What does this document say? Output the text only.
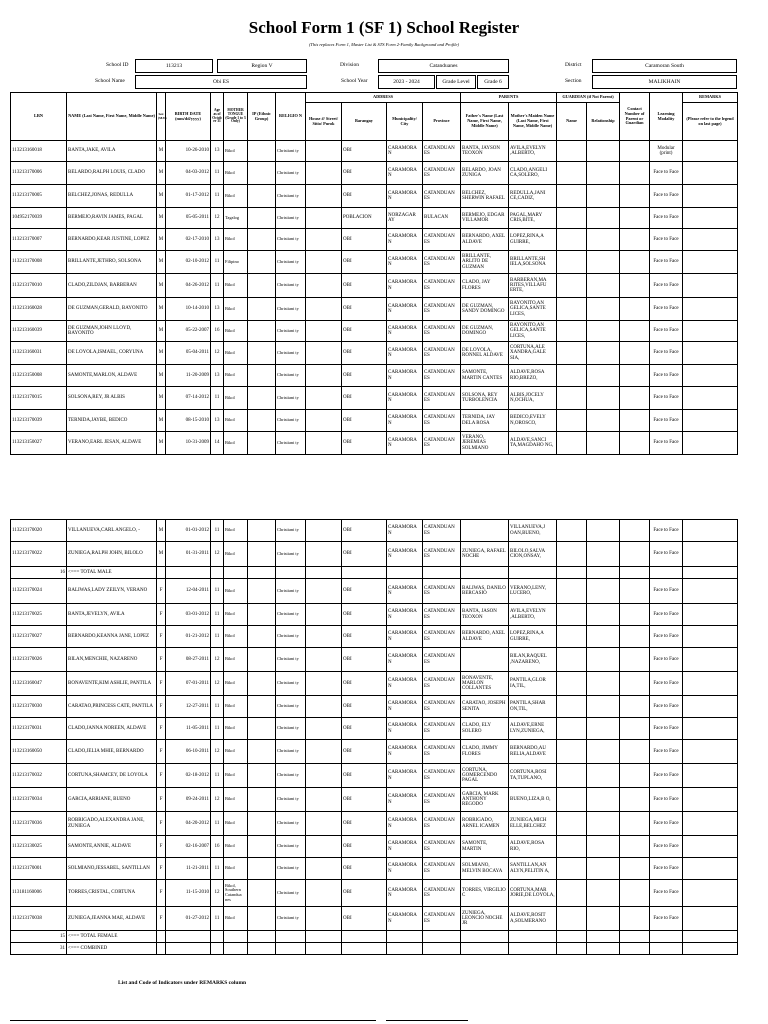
School Form 1 (SF 1) School Register
(This replaces Form 1, Master List & STS Form 2-Family Background and Profile)
School ID	113213	Region V	Division	Catanduanes	District	Caramoran South
School Name	Obi ES	School Year	2023 - 2024	Grade Level	Grade 6	Section	MALIKHAIN
LRN	NAME (Last Name, First Name, Middle Name)	Sex (M/F)	BIRTH DATE (mm/dd/yyyy)	Age as of Octob er 31	MOTHER TONGUE (Grade 1 to 3 Only)	IP (Ethnic Group)	RELIGIO N	ADDRESS				PARENTS		GUARDIAN (if Not Parent)		Contact Number of Parent or Guardian	Learning Modality	REMARKS
								House #/ Street/ Sitio/ Purok	Barangay	Municipality/ City	Province	Father's Name (Last Name, First Name, Middle Name)	Mother's Maiden Name (Last Name, First Name, Middle Name)	Name	Relationship			(Please refer to the legend on last page)
113213160018	BANTA,JAKE, AVILA	M	10-26-2010	13	Bikol		Christiani ty		OBI	CARAMORA N	CATANDUAN ES	BANTA, JAYSON TEOXON	AVILA,EVELYN ,ALBERTO,				Modular (print)	
113213170006	BELARDO,RALPH LOUIS, CLADO	M	04-03-2012	11	Bikol		Christiani ty		OBI	CARAMORA N	CATANDUAN ES	BELARDO, JOAN ZUNIGA	CLADO,ANGELI CA,SOLERO,				Face to Face	
113213170005	BELCHEZ,JONAS, REDULLA	M	01-17-2012	11	Bikol		Christiani ty		OBI	CARAMORA N	CATANDUAN ES	BELCHEZ, SHERWIN RAFAEL	REDULLA,JANI CE,CADIZ,				Face to Face	
104952170039	BERMEJO,RAVIN JAMES, PAGAL	M	05-05-2011	12	Tagalog		Christiani ty		POBLACION	NORZAGAR AY	BULACAN	BERMEJO, EDGAR VILLAMOR	PAGAL,MARY CRIS,BITE,				Face to Face	
113213170007	BERNARDO,KEAR JUSTINE, LOPEZ	M	02-17-2010	13	Bikol		Christiani ty		OBI	CARAMORA N	CATANDUAN ES	BERNARDO, AXEL ALDAVE	LOPEZ,RINA,A GUIRRE,				Face to Face	
113213170008	BRILLANTE,JETHRO, SOLSONA	M	02-10-2012	11	Filipino		Christiani ty		OBI	CARAMORA N	CATANDUAN ES	BRILLANTE, ARLITO DE GUZMAN	BRILLANTE,SH IELA,SOLSONA				Face to Face	
113213170010	CLADO,ZILDJAN, BARBERAN	M	04-26-2012	11	Bikol		Christiani ty		OBI	CARAMORA N	CATANDUAN ES	CLADO, JAY FLORES	BARBERAN,MA RITES,VILLAFU ERTE,				Face to Face	
113213160028	DE GUZMAN,GERALD, BAYONITO	M	10-14-2010	13	Bikol		Christiani ty		OBI	CARAMORA N	CATANDUAN ES	DE GUZMAN, SANDY DOMINGO	BAYONITO,AN GELICA,SANTE LICES,				Face to Face	
113213160039	DE GUZMAN,JOHN LLOYD, BAYONITO	M	05-22-2007	16	Bikol		Christiani ty		OBI	CARAMORA N	CATANDUAN ES	DE GUZMAN, DOMINGO	BAYONITO,AN GELICA,SANTE LICES,				Face to Face	
113213160031	DE LOYOLA,ISMAEL, CORYUNA	M	05-04-2011	12	Bikol		Christiani ty		OBI	CARAMORA N	CATANDUAN ES	DE LOYOLA, RONNEL ALDAVE	CORTUNA,ALE XANDRA,GALE SIA,				Face to Face	
113213150008	SAMONTE,MARLON, ALDAVE	M	11-20-2009	13	Bikol		Christiani ty		OBI	CARAMORA N	CATANDUAN ES	SAMONTE, MARTIN CANTES	ALDAVE,ROSA RIO,BREZO,				Face to Face	
113213170015	SOLSONA,REY, JR ALBIS	M	07-14-2012	11	Bikol		Christiani ty		OBI	CARAMORA N	CATANDUAN ES	SOLSONA, REY TURBOLENCIA	ALBIS,JOCELY N,OCHUA,				Face to Face	
113213170039	TERNIDA,JAYBE, BEDICO	M	08-15-2010	13	Bikol		Christiani ty		OBI	CARAMORA N	CATANDUAN ES	TERNIDA, JAY DELA ROSA	BEDICO,EVELY N,OROSCO,				Face to Face	
113213150027	VERANO,EARL JESAN, ALDAVE	M	10-31-2009	14	Bikol		Christiani ty		OBI	CARAMORA N	CATANDUAN ES	VERANO, JEREMIAS SOLMIANO	ALDAVE,SANCI TA,MAGDAHO NG,				Face to Face	
113213170020	VILLANUEVA,CARL ANGELO, -	M	01-01-2012	11	Bikol		Christiani ty		OBI	CARAMORA N	CATANDUAN ES		VILLANUEVA,J OAN,BUENO,				Face to Face	
113213170022	ZUNIEGA,RALPH JOHN, BILOLO	M	01-31-2011	12	Bikol		Christiani ty		OBI	CARAMORA N	CATANDUAN ES	ZUNIEGA, RAFAEL NOCHE	BILOLO,SALVA CION,ONSAY,				Face to Face	
16	<=== TOTAL MALE																	
113213170024	BALIWAS,LADY ZEILYN, VERANO	F	12-04-2011	11	Bikol		Christiani ty		OBI	CARAMORA N	CATANDUAN ES	BALIWAS, DANILO BERCASIO	VERANO,LENY, LUCERO,				Face to Face	
113213170025	BANTA,JEVELYN, AVILA	F	03-01-2012	11	Bikol		Christiani ty		OBI	CARAMORA N	CATANDUAN ES	BANTA, JASON TEOXON	AVILA,EVELYN ,ALBERTO,				Face to Face	
113213170027	BERNARDO,KEANNA JANE, LOPEZ	F	01-21-2012	11	Bikol		Christiani ty		OBI	CARAMORA N	CATANDUAN ES	BERNARDO, AXEL ALDAVE	LOPEZ,RINA,A GUIRRE,				Face to Face	
113213170026	BILAN,MENCHIE, NAZARENO	F	08-27-2011	12	Bikol		Christiani ty		OBI	CARAMORA N	CATANDUAN ES		BILAN,RAQUEL ,NAZARENO,				Face to Face	
113213160047	BONAVENTE,KIM ASHLIE, PANTILA	F	07-01-2011	12	Bikol		Christiani ty		OBI	CARAMORA N	CATANDUAN ES	BONAVENTE, MARLON COLLANTES	PANTILA,GLOR IA,TIL,				Face to Face	
113213170030	CARATAO,PRINCESS CATE, PANTILA	F	12-27-2011	11	Bikol		Christiani ty		OBI	CARAMORA N	CATANDUAN ES	CARATAO, JOSEPH SENITA	PANTILA,SHAR ON,TIL,				Face to Face	
113213170031	CLADO,JANNA NOREEN, ALDAVE	F	11-05-2011	11	Bikol		Christiani ty		OBI	CARAMORA N	CATANDUAN ES	CLADO, ELY SOLERO	ALDAVE,ERNE LYN,ZUNIEGA,				Face to Face	
113213160050	CLADO,JELIA MHIE, BERNARDO	F	06-10-2011	12	Bikol		Christiani ty		OBI	CARAMORA N	CATANDUAN ES	CLADO, JIMMY FLORES	BERNARDO,AU RELIA,ALDAVE				Face to Face	
113213170032	CORTUNA,SHAMCEY, DE LOYOLA	F	02-18-2012	11	Bikol		Christiani ty		OBI	CARAMORA N	CATANDUAN ES	CORTUNA, GOMERCENDO PAGAL	CORTUNA,ROSI TA,TUPLANO,				Face to Face	
113213170034	GARCIA,ARRIANE, BUENO	F	09-24-2011	12	Bikol		Christiani ty		OBI	CARAMORA N	CATANDUAN ES	GARCIA, MARK ANTHONY REGODO	BUENO,LIZA,B O,				Face to Face	
113213170036	ROBRIGADO,ALEXANDRA JANE, ZUNIEGA	F	04-20-2012	11	Bikol		Christiani ty		OBI	CARAMORA N	CATANDUAN ES	ROBRIGADO, ARNEL ICAMEN	ZUNIEGA,MICH ELLE,BELCHEZ				Face to Face	
113213130025	SAMONTE,ANNIE, ALDAVE	F	02-16-2007	16	Bikol		Christiani ty		OBI	CARAMORA N	CATANDUAN ES	SAMONTE, MARTIN	ALDAVE,ROSA RIO,				Face to Face	
113213170001	SOLMIANO,JESSABEL, SANTILLAN	F	11-21-2011	11	Bikol		Christiani ty		OBI	CARAMORA N	CATANDUAN ES	SOLMIANO, MELVIN BOCAYA	SANTILLAN,AN ALYN,PELITIN A,				Face to Face	
113181160006	TORRES,CRISTAL, CORTUNA	F	11-15-2010	12	Bikol, Southern Catandua nes		Christiani ty		OBI	CARAMORA N	CATANDUAN ES	TORRES, VIRGILIO C	CORTUNA,MAR JORIE,DE LOYOLA,				Face to Face	
113213170038	ZUNIEGA,JEANNA MAE, ALDAVE	F	01-27-2012	11	Bikol		Christiani ty		OBI	CARAMORA N	CATANDUAN ES	ZUNIEGA, LEONCIO NOCHE JR	ALDAVE,ROSIT A,SOLMERANO				Face to Face	
15	<=== TOTAL FEMALE																	
31	<=== COMBINED																	
List and Code of Indicators under REMARKS column
